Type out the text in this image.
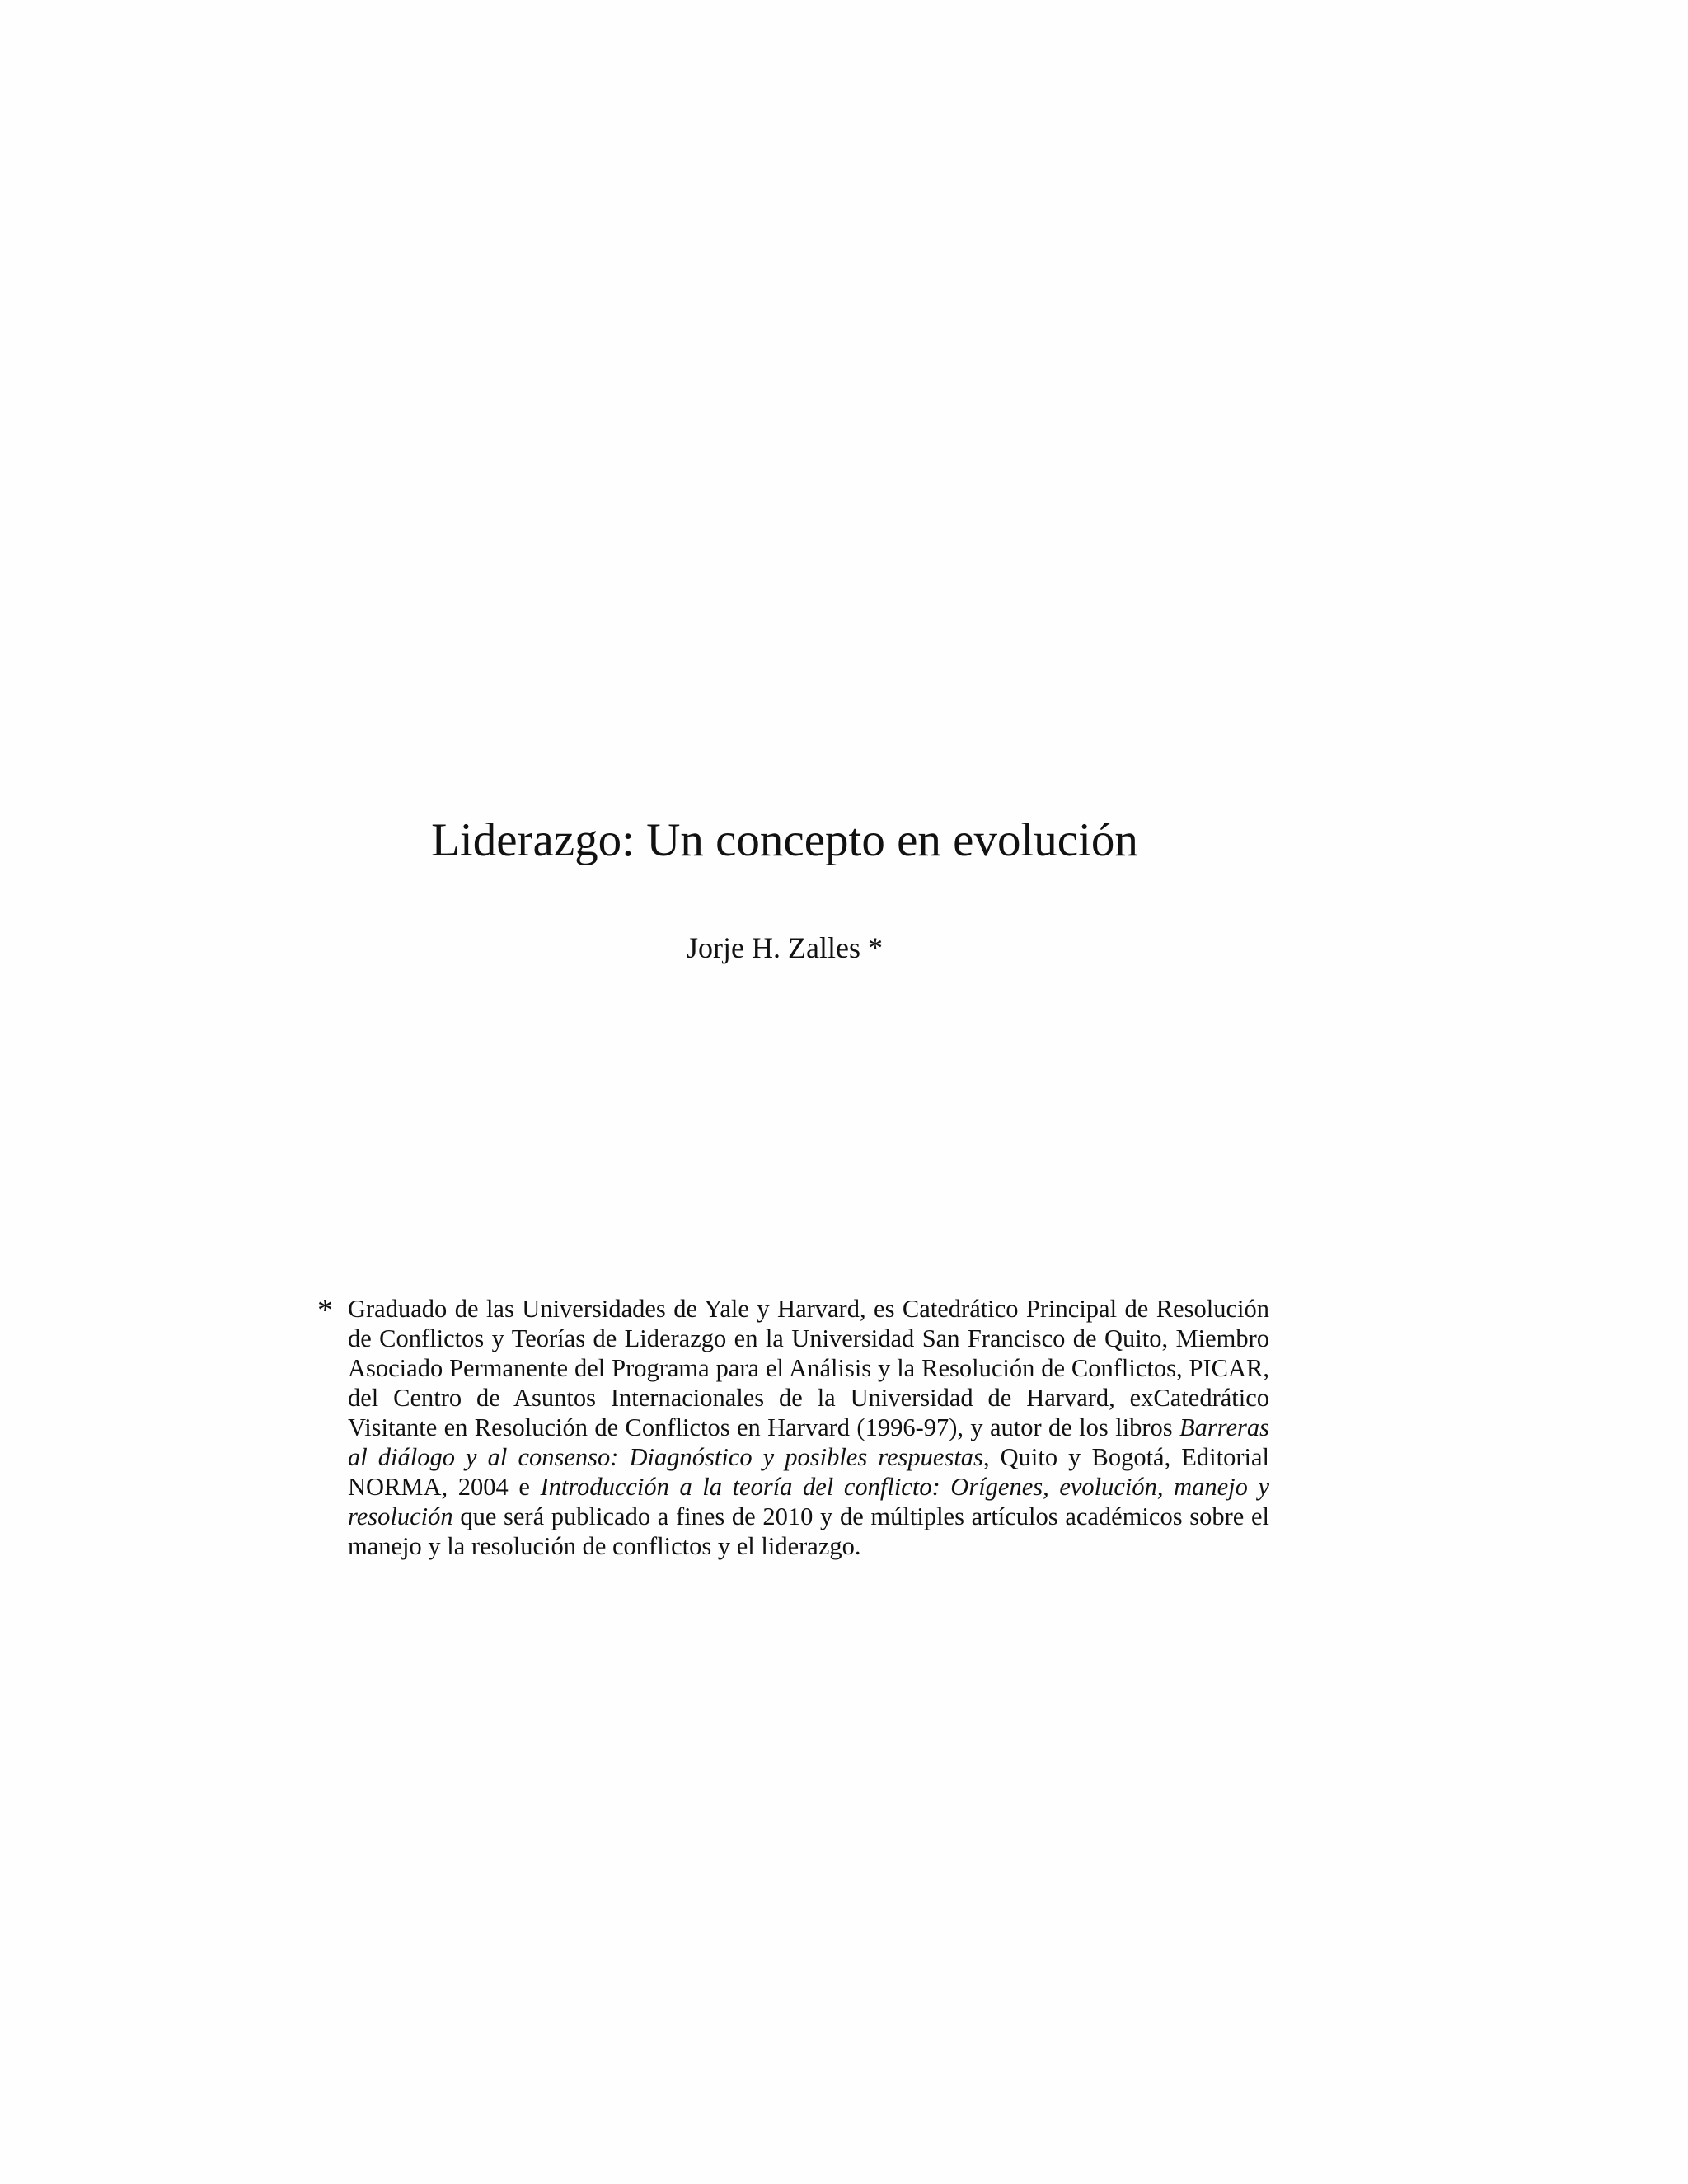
Liderazgo: Un concepto en evolución

Jorje H. Zalles *

* Graduado de las Universidades de Yale y Harvard, es Catedrático Principal de Resolución de Conflictos y Teorías de Liderazgo en la Universidad San Francisco de Quito, Miembro Asociado Permanente del Programa para el Análisis y la Resolución de Conflictos, PICAR, del Centro de Asuntos Internacionales de la Universidad de Harvard, exCatedrático Visitante en Resolución de Conflictos en Harvard (1996-97), y autor de los libros Barreras al diálogo y al consenso: Diagnóstico y posibles respuestas, Quito y Bogotá, Editorial NORMA, 2004 e Introducción a la teoría del conflicto: Orígenes, evolución, manejo y resolución que será publicado a fines de 2010 y de múltiples artículos académicos sobre el manejo y la resolución de conflictos y el liderazgo.
